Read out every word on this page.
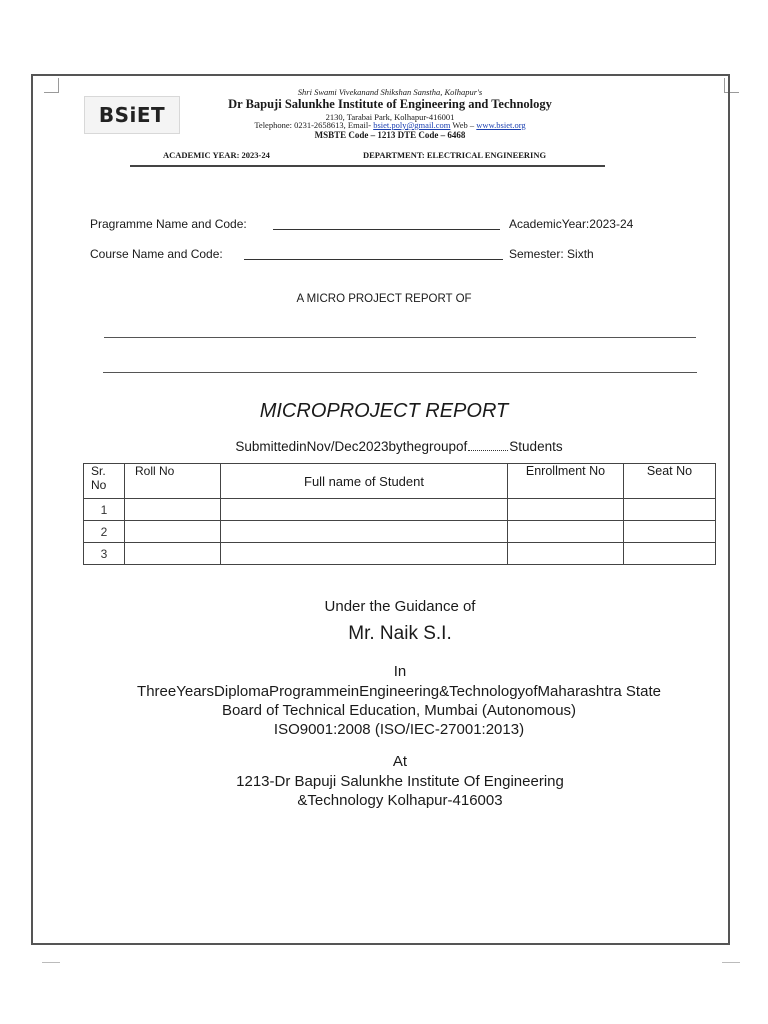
BSiET
Shri Swami Vivekanand Shikshan Sanstha, Kolhapur's
Dr Bapuji Salunkhe Institute of Engineering and Technology
2130, Tarabai Park, Kolhapur-416001
Telephone: 0231-2658613, Email- bsiet.poly@gmail.com Web – www.bsiet.org
MSBTE Code – 1213 DTE Code – 6468
ACADEMIC YEAR: 2023-24	DEPARTMENT: ELECTRICAL ENGINEERING
Pragramme Name and Code:	AcademicYear:2023-24
Course Name and Code:	Semester: Sixth
A MICRO PROJECT REPORT OF
MICROPROJECT REPORT
SubmittedinNov/Dec2023bythegroupof	Students
Sr. No	Roll No	Full name of Student	Enrollment No	Seat No
1				
2				
3				
Under the Guidance of
Mr. Naik S.I.
In
ThreeYearsDiplomaProgrammeinEngineering&TechnologyofMaharashtra State
Board of Technical Education, Mumbai (Autonomous)
ISO9001:2008 (ISO/IEC-27001:2013)
At
1213-Dr Bapuji Salunkhe Institute Of Engineering
&Technology Kolhapur-416003
